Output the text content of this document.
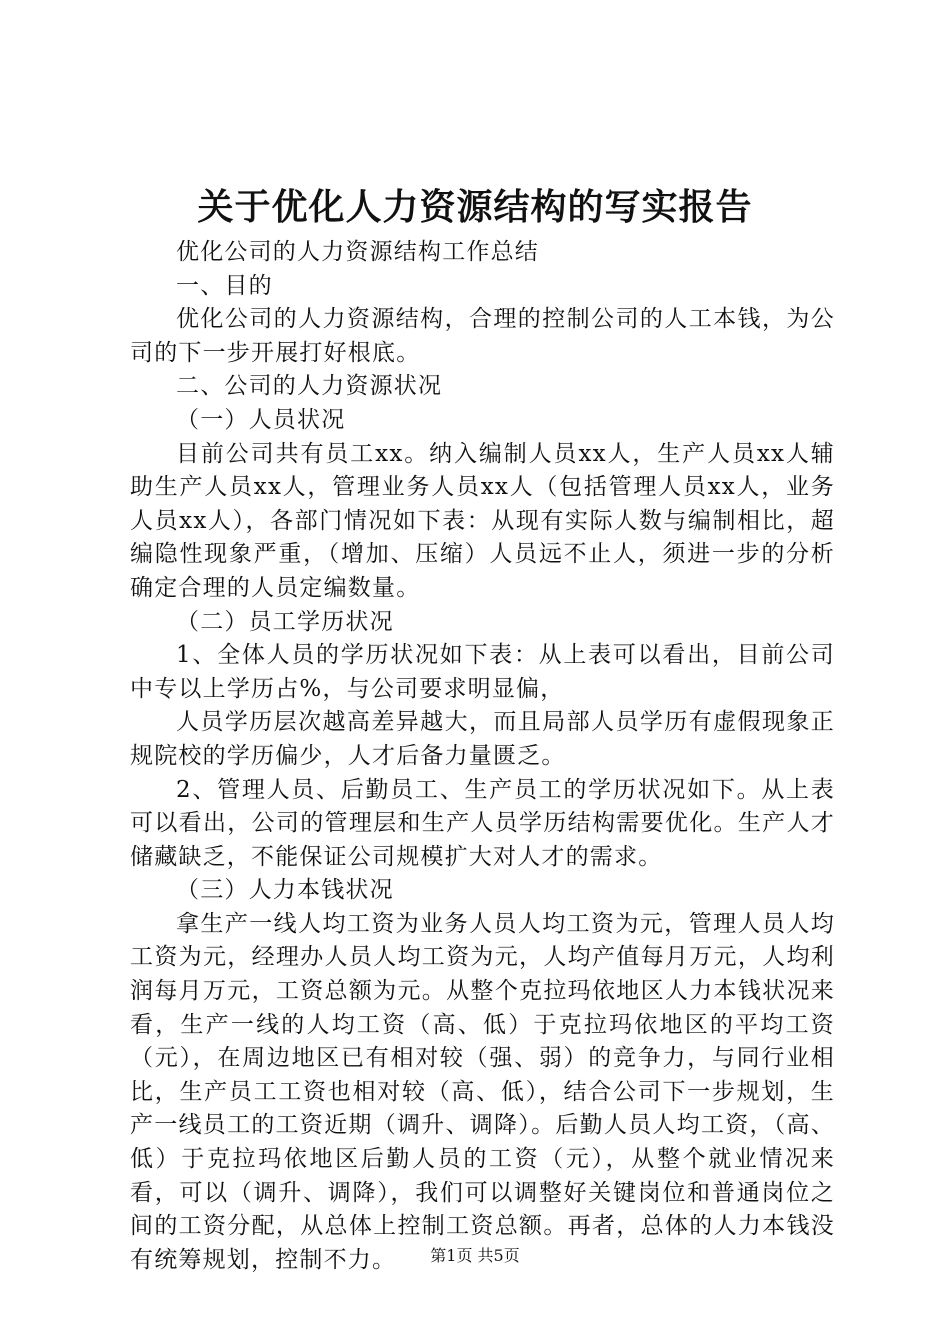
关于优化人力资源结构的写实报告

优化公司的人力资源结构工作总结

一、目的

优化公司的人力资源结构，合理的控制公司的人工本钱，为公司的下一步开展打好根底。

二、公司的人力资源状况

（一）人员状况

目前公司共有员工xx。纳入编制人员xx人，生产人员xx人辅助生产人员xx人，管理业务人员xx人（包括管理人员xx人，业务人员xx人），各部门情况如下表：从现有实际人数与编制相比，超编隐性现象严重，（增加、压缩）人员远不止人，须进一步的分析确定合理的人员定编数量。

（二）员工学历状况

1、全体人员的学历状况如下表：从上表可以看出，目前公司中专以上学历占%，与公司要求明显偏，

人员学历层次越高差异越大，而且局部人员学历有虚假现象正规院校的学历偏少，人才后备力量匮乏。

2、管理人员、后勤员工、生产员工的学历状况如下。从上表可以看出，公司的管理层和生产人员学历结构需要优化。生产人才储藏缺乏，不能保证公司规模扩大对人才的需求。

（三）人力本钱状况

拿生产一线人均工资为业务人员人均工资为元，管理人员人均工资为元，经理办人员人均工资为元，人均产值每月万元，人均利润每月万元，工资总额为元。从整个克拉玛依地区人力本钱状况来看，生产一线的人均工资（高、低）于克拉玛依地区的平均工资（元），在周边地区已有相对较（强、弱）的竞争力，与同行业相比，生产员工工资也相对较（高、低），结合公司下一步规划，生产一线员工的工资近期（调升、调降）。后勤人员人均工资，（高、低）于克拉玛依地区后勤人员的工资（元），从整个就业情况来看，可以（调升、调降），我们可以调整好关键岗位和普通岗位之间的工资分配，从总体上控制工资总额。再者，总体的人力本钱没有统筹规划，控制不力。	第1页 共5页
